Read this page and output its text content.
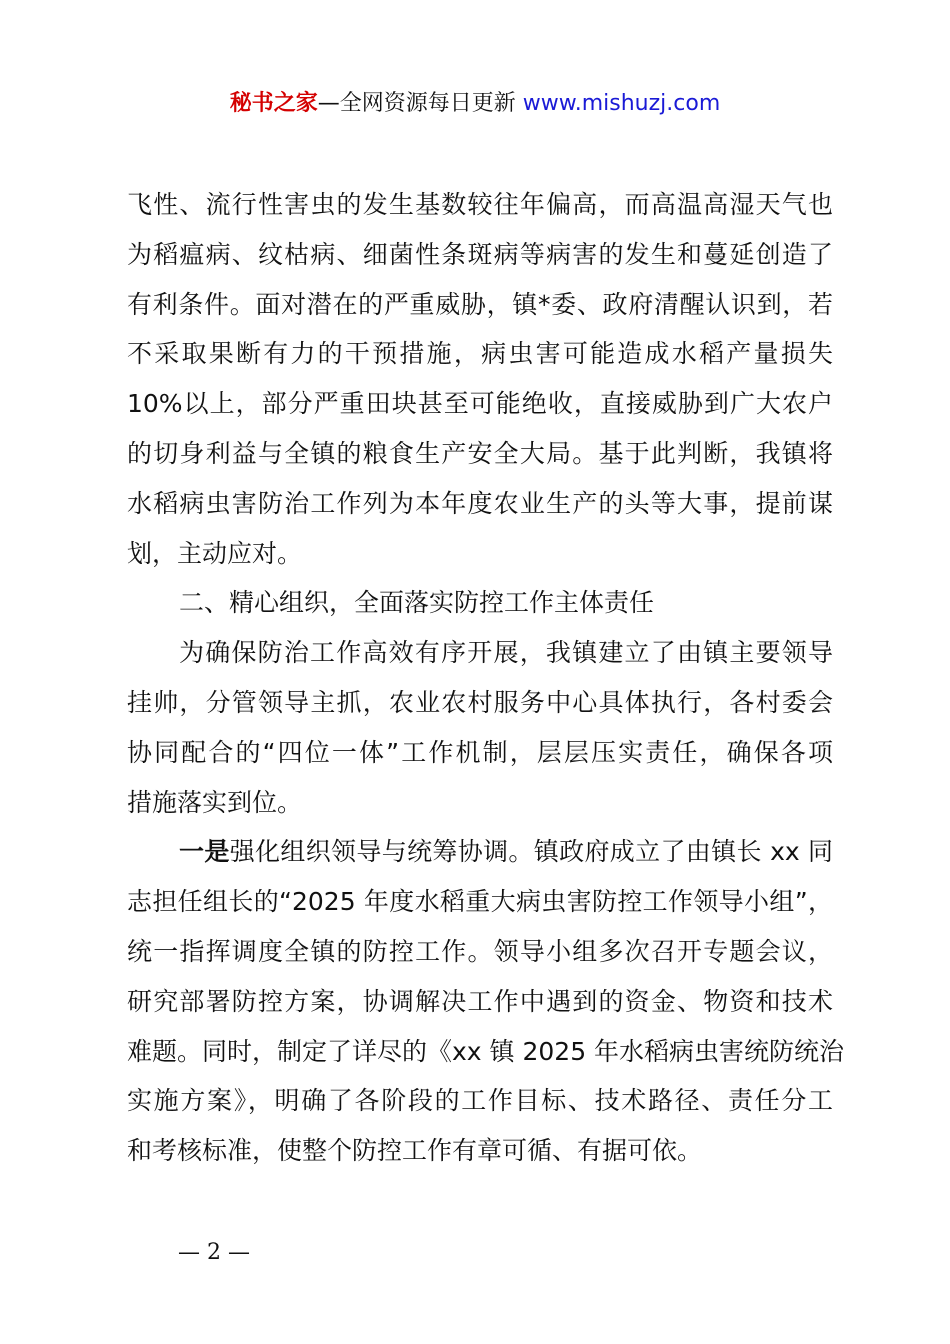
秘书之家—全网资源每日更新 www.mishuzj.com
飞性、流行性害虫的发生基数较往年偏高，而高温高湿天气也
为稻瘟病、纹枯病、细菌性条斑病等病害的发生和蔓延创造了
有利条件。面对潜在的严重威胁，镇*委、政府清醒认识到，若
不采取果断有力的干预措施，病虫害可能造成水稻产量损失
10%以上，部分严重田块甚至可能绝收，直接威胁到广大农户
的切身利益与全镇的粮食生产安全大局。基于此判断，我镇将
水稻病虫害防治工作列为本年度农业生产的头等大事，提前谋
划，主动应对。
二、精心组织，全面落实防控工作主体责任
为确保防治工作高效有序开展，我镇建立了由镇主要领导
挂帅，分管领导主抓，农业农村服务中心具体执行，各村委会
协同配合的“四位一体”工作机制，层层压实责任，确保各项
措施落实到位。
一是强化组织领导与统筹协调。镇政府成立了由镇长 xx 同
志担任组长的“2025 年度水稻重大病虫害防控工作领导小组”，
统一指挥调度全镇的防控工作。领导小组多次召开专题会议，
研究部署防控方案，协调解决工作中遇到的资金、物资和技术
难题。同时，制定了详尽的《xx 镇 2025 年水稻病虫害统防统治
实施方案》，明确了各阶段的工作目标、技术路径、责任分工
和考核标准，使整个防控工作有章可循、有据可依。
— 2 —
